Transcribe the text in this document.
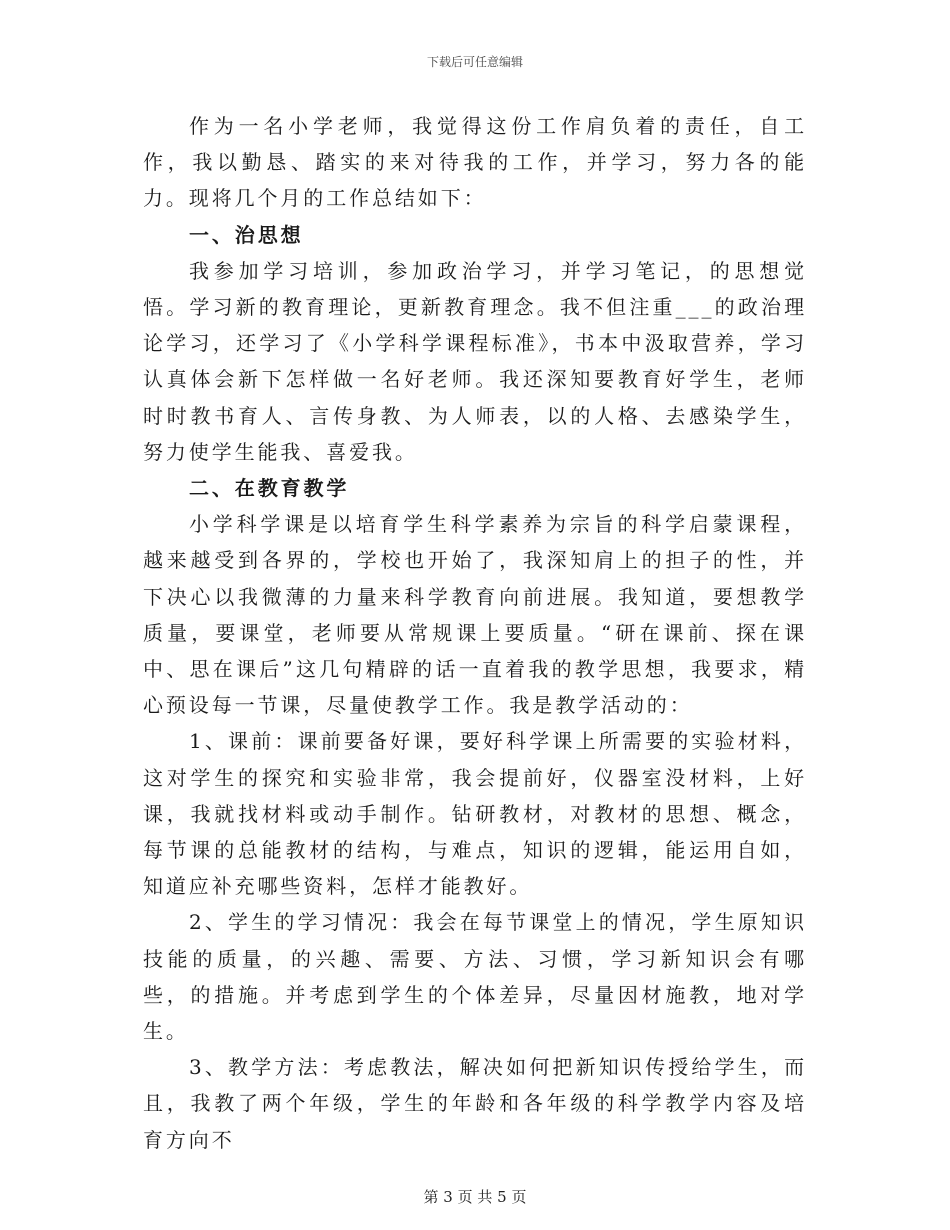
下载后可任意编辑

作为一名小学老师，我觉得这份工作肩负着的责任，自工作，我以勤恳、踏实的来对待我的工作，并学习，努力各的能力。现将几个月的工作总结如下：

一、治思想

我参加学习培训，参加政治学习，并学习笔记，的思想觉悟。学习新的教育理论，更新教育理念。我不但注重___的政治理论学习，还学习了《小学科学课程标准》，书本中汲取营养，学习认真体会新下怎样做一名好老师。我还深知要教育好学生，老师时时教书育人、言传身教、为人师表，以的人格、去感染学生，努力使学生能我、喜爱我。

二、在教育教学

小学科学课是以培育学生科学素养为宗旨的科学启蒙课程，越来越受到各界的，学校也开始了，我深知肩上的担子的性，并下决心以我微薄的力量来科学教育向前进展。我知道，要想教学质量，要课堂，老师要从常规课上要质量。“研在课前、探在课中、思在课后”这几句精辟的话一直着我的教学思想，我要求，精心预设每一节课，尽量使教学工作。我是教学活动的：

1、课前：课前要备好课，要好科学课上所需要的实验材料，这对学生的探究和实验非常，我会提前好，仪器室没材料，上好课，我就找材料或动手制作。钻研教材，对教材的思想、概念，每节课的总能教材的结构，与难点，知识的逻辑，能运用自如，知道应补充哪些资料，怎样才能教好。

2、学生的学习情况：我会在每节课堂上的情况，学生原知识技能的质量，的兴趣、需要、方法、习惯，学习新知识会有哪些，的措施。并考虑到学生的个体差异，尽量因材施教，地对学生。

3、教学方法：考虑教法，解决如何把新知识传授给学生，而且，我教了两个年级，学生的年龄和各年级的科学教学内容及培育方向不

第 3 页 共 5 页
